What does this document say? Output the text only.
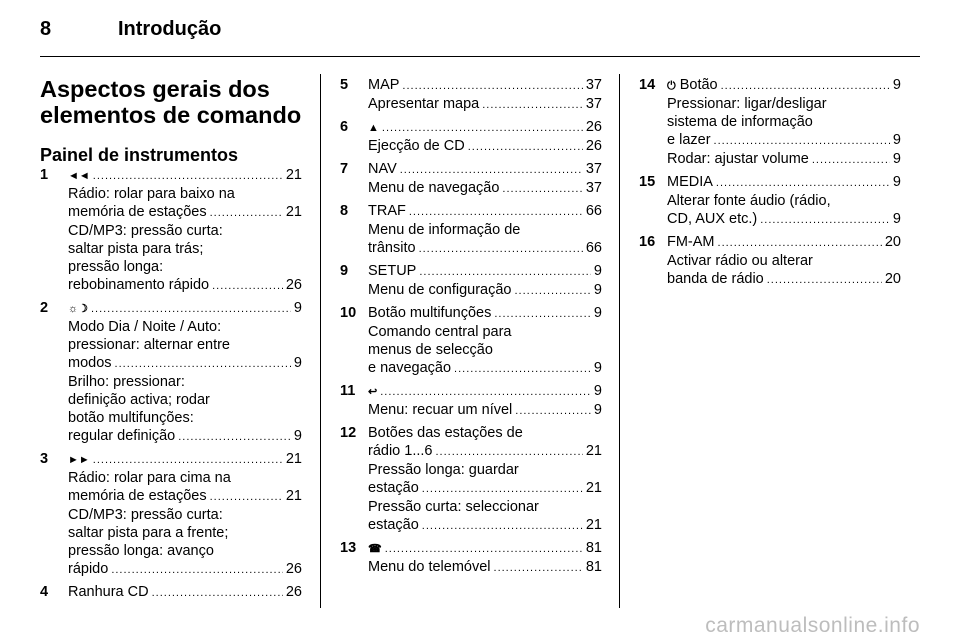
8	Introdução
Aspectos gerais dos
elementos de comando
Painel de instrumentos
1 ◄◄ .....	21
Rádio: rolar para baixo na
memória de estações .....	21
CD/MP3: pressão curta:
saltar pista para trás;
pressão longa:
rebobinamento rápido .....	26
2 ☼☽ .....	9
Modo Dia / Noite / Auto:
pressionar: alternar entre
modos .....	9
Brilho: pressionar:
definição activa; rodar
botão multifunções:
regular definição .....	9
3 ►► .....	21
Rádio: rolar para cima na
memória de estações .....	21
CD/MP3: pressão curta:
saltar pista para a frente;
pressão longa: avanço
rápido .....	26
4 Ranhura CD .....	26
5 MAP .....	37
Apresentar mapa .....	37
6 ▲ .....	26
Ejecção de CD .....	26
7 NAV .....	37
Menu de navegação .....	37
8 TRAF .....	66
Menu de informação de
trânsito .....	66
9 SETUP .....	9
Menu de configuração .....	9
10 Botão multifunções .....	9
Comando central para
menus de selecção
e navegação .....	9
11 ↩ .....	9
Menu: recuar um nível .....	9
12 Botões das estações de
rádio 1...6 .....	21
Pressão longa: guardar
estação .....	21
Pressão curta: seleccionar
estação .....	21
13 ☎ .....	81
Menu do telemóvel .....	81
14 ⏻ Botão .....	9
Pressionar: ligar/desligar
sistema de informação
e lazer .....	9
Rodar: ajustar volume .....	9
15 MEDIA .....	9
Alterar fonte áudio (rádio,
CD, AUX etc.) .....	9
16 FM-AM .....	20
Activar rádio ou alterar
banda de rádio .....	20
carmanualsonline.info
